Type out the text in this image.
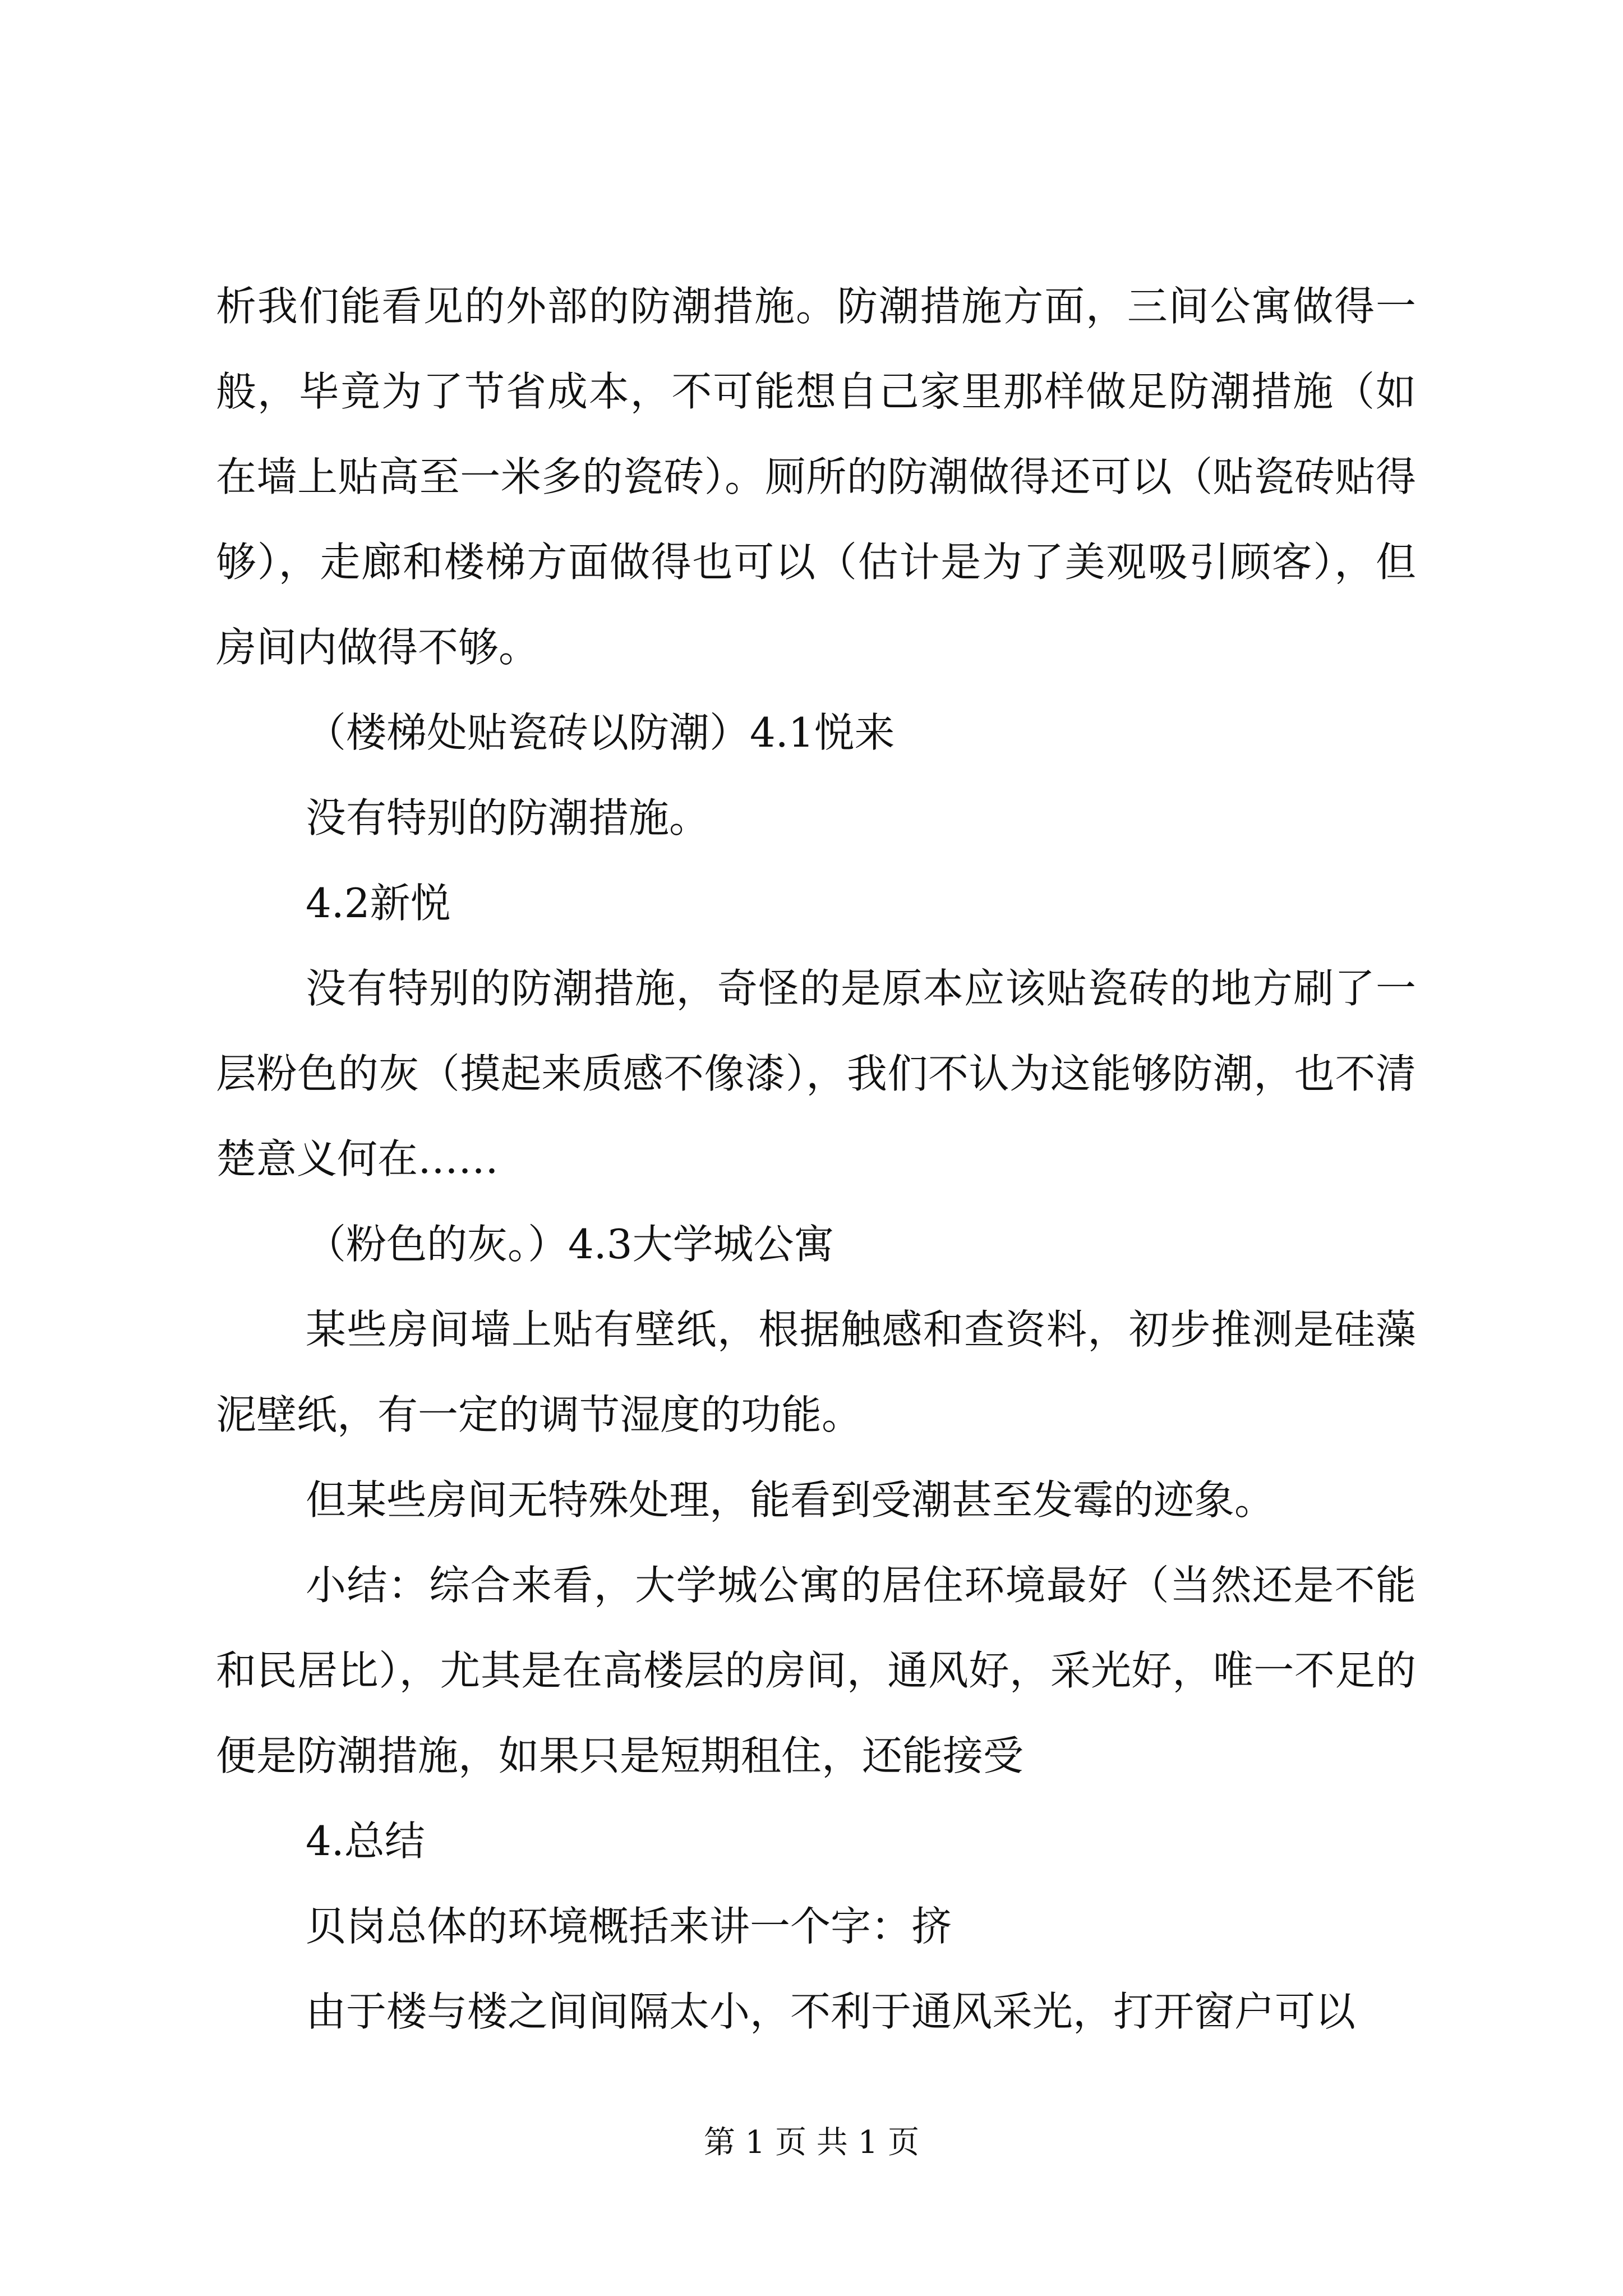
析我们能看见的外部的防潮措施。防潮措施方面，三间公寓做得一般，毕竟为了节省成本，不可能想自己家里那样做足防潮措施（如在墙上贴高至一米多的瓷砖）。厕所的防潮做得还可以（贴瓷砖贴得够），走廊和楼梯方面做得也可以（估计是为了美观吸引顾客），但房间内做得不够。

（楼梯处贴瓷砖以防潮）4.1悦来

没有特别的防潮措施。

4.2新悦

没有特别的防潮措施，奇怪的是原本应该贴瓷砖的地方刷了一层粉色的灰（摸起来质感不像漆），我们不认为这能够防潮，也不清楚意义何在……

（粉色的灰。）4.3大学城公寓

某些房间墙上贴有壁纸，根据触感和查资料，初步推测是硅藻泥壁纸，有一定的调节湿度的功能。

但某些房间无特殊处理，能看到受潮甚至发霉的迹象。

小结：综合来看，大学城公寓的居住环境最好（当然还是不能和民居比），尤其是在高楼层的房间，通风好，采光好，唯一不足的便是防潮措施，如果只是短期租住，还能接受

4.总结

贝岗总体的环境概括来讲一个字：挤

由于楼与楼之间间隔太小，不利于通风采光，打开窗户可以

第 1 页 共 1 页
